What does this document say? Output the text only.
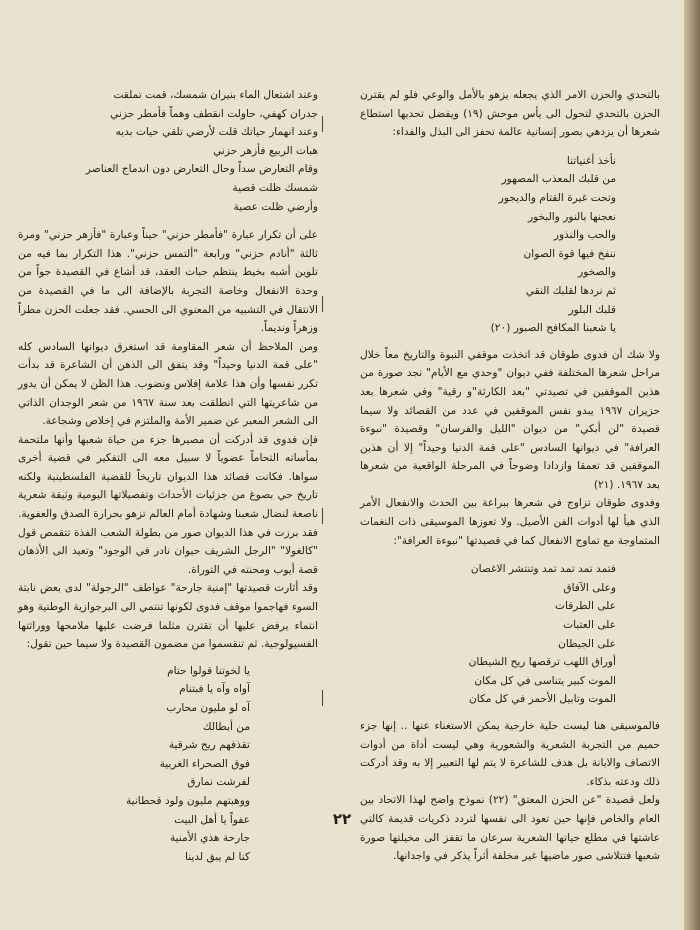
بالتحدي والحزن الامر الذي يجعله يزهو بالأمل والوعي فلو لم يقترن الحزن بالتحدي لتحول الى يأس موحش (١٩) ويفضل تحديها استطاع شعرها أن يزدهي بصور إنسانية عالمة تحفز الى البذل والفداء:

نأخذ أغنياتنا
من قلبك المعذب المصهور
وتحت غيرة القتام والديجور
نعجنها بالنور والبخور
والحب والنذور
ننفخ فيها قوة الصوان
والصخور
ثم نردها لقلبك النقي
قلبك البلور
يا شعبنا المكافح الصبور (٢٠)

ولا شك أن فدوى طوقان قد اتخذت موقفي النبوة والتاريخ معاً خلال مراحل شعرها المختلفة ففي ديوان "وحدي مع الأيام" نجد صورة من هذين الموقفين في تصيدتي "بعد الكارثة"و رقية" وفي شعرها بعد حزيران ١٩٦٧ يبدو نفس الموقفين في عدد من القصائد ولا سيما قصيدة "لن أبكي" من ديوان "الليل والفرسان" وقصيدة "نبوءة العرافة" في ديوانها السادس "على قمة الدنيا وحيداً" إلا أن هذين الموقفين قد تعمقا وازدادا وضوحاً في المرحلة الواقعية من شعرها بعد ١٩٦٧. (٢١)

وفدوى طوقان تزاوج في شعرها ببراعة بين الحدث والانفعال الأمر الذي هيأ لها أدوات الفن الأصيل. ولا تعوزها الموسيقى ذات النغمات المتماوجة مع تماوج الانفعال كما في قصيدتها "نبوءة العرافة":

فتمد تمد تمد تمد وتنتشر الاغصان
وعلى الآفاق
على الطرقات
على العتبات
على الجيطان
أوراق اللهب ترقصها ريح الشيطان
الموت كبير يتناسى في كل مكان
الموت وتابيل الأحمر في كل مكان

فالموسيقى هنا ليست حلية خارجية يمكن الاستغناء عنها .. إنها جزء حميم من التجربة الشعرية والشعورية وهي ليست أداة من أدوات الاتصاف والابانة بل هدف للشاعرة لا يتم لها التعبير إلا به وقد أدركت ذلك ودعته بذكاء.

ولعل قصيدة "عن الحزن المعتق" (٢٢) نموذج واضح لهذا الاتحاد بين العام والخاص فإنها حين تعود الى نفسها لتردد ذكريات قديمة كالتي عاشتها في مطلع حياتها الشعرية سرعان ما تقفز الى مخيلتها صورة شعبها فتتلاشى صور ماضيها غير مخلفة أثراً يذكر في واجدانها.

وعند اشتعال الماء بنيران شمسك، قمت تملقت
جدران كهفي، حاولت انقطف وهماً فأمطر حزني
وعند انهمار حياتك قلت لأرضي تلقي حيات بديه
هبات الربيع فأزهر حزني
وقام التعارض سداً وحال التعارض دون اندماج العناصر
شمسك ظلت قصية
وأرضي ظلت عصية

على أن تكرار عبارة "فأمطر حزني" حيناً وعبارة "فأزهر حزني" ومرة ثالثة "أنادم حزني" ورابعة "ألتمس حزني". هذا التكرار بما فيه من تلوين أشبه بخيط ينتظم حبات العقد، قد أشاع في القصيدة جواً من وحدة الانفعال وخاصة التجربة بالإضافة الى ما في القصيدة من الانتقال في التشبيه من المعنوي الى الحسي. فقد جعلت الحزن مطراً وزهراً ونديماً.

ومن الملاحظ أن شعر المقاومة قد استغرق ديوانها السادس كله "على قمة الدنيا وحيداً" وقد يتفق الى الذهن أن الشاعرة قد بدأت تكرر نفسها وأن هذا علامة إفلاس ونضوب. هذا الظن لا يمكن أن يدور من شاعريتها التي انطلقت بعد سنة ١٩٦٧ من شعر الوجدان الذاتي الى الشعر المعبر عن ضمير الأمة والملتزم في إخلاص وشجاعة.

فإن فدوى قد أدركت أن مصيرها جزء من حياة شعبها وأنها ملتحمة بمأساته التحاماً عضوياً لا سبيل معه الى التفكير في قضية أخرى سواها. فكانت قصائد هذا الديوان تاريخاً للقضية الفلسطينية ولكنه تاريخ حي بصوغ من جزئيات الأحداث وتفصيلاتها اليومية وثيقة شعرية ناصعة لنضال شعبنا وشهادة أمام العالم تزهو بحرارة الصدق والعفوية. فقد برزت في هذا الديوان صور من بطولة الشعب الفذة تتقمص قول "كالغولا" "الرجل الشريف حيوان نادر في الوجود" وتعيد الى الأذهان قصة أيوب ومحنته في التوراة.

وقد أثارت قصيدتها "إمنية جارحة" عواطف "الرجولة" لدى بعض نابتة السوء فهاجموا موقف فدوى لكونها تنتمي الى البرجوازية الوطنية وهو انتماء يرفض عليها أن تقترن مثلما فرضت عليها ملامحها ووراثتها الفسيولوجية. ثم تنقسموا من مضمون القصيدة ولا سيما حين تقول:

يا لخوتنا قولوا حتام
آواه وآه يا فبتنام
آه لو مليون محارب
من أبطالك
تقذفهم ريح شرقية
فوق الصحراء الغربية
لفرشت نمارق
ووهبتهم مليون ولود قحطانية
عفواً يا أهل البيت
جارحة هذي الأمنية
كنا لم يبق لدينا
٢٢
